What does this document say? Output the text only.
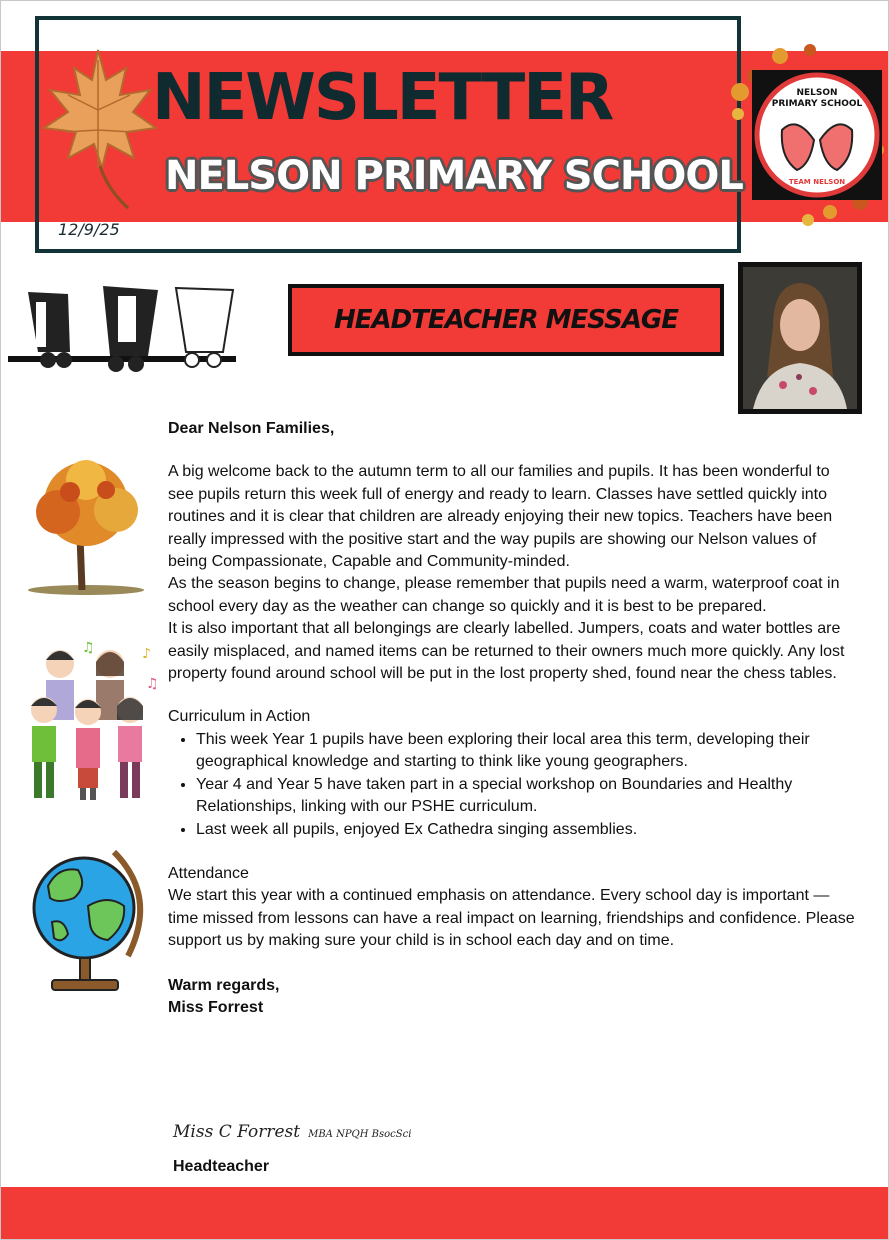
NEWSLETTER
NELSON PRIMARY SCHOOL
12/9/25
NELSON
PRIMARY SCHOOL
TEAM NELSON
HEADTEACHER MESSAGE
♫	♪
♫

Dear Nelson Families,

A big welcome back to the autumn term to all our families and pupils. It has been wonderful to see pupils return this week full of energy and ready to learn. Classes have settled quickly into routines and it is clear that children are already enjoying their new topics. Teachers have been really impressed with the positive start and the way pupils are showing our Nelson values of being Compassionate, Capable and Community-minded.

As the season begins to change, please remember that pupils need a warm, waterproof coat in school every day as the weather can change so quickly and it is best to be prepared.

It is also important that all belongings are clearly labelled. Jumpers, coats and water bottles are easily misplaced, and named items can be returned to their owners much more quickly. Any lost property found around school will be put in the lost property shed, found near the chess tables.

Curriculum in Action

• This week Year 1 pupils have been exploring their local area this term, developing their geographical knowledge and starting to think like young geographers.
• Year 4 and Year 5 have taken part in a special workshop on Boundaries and Healthy Relationships, linking with our PSHE curriculum.
• Last week all pupils, enjoyed Ex Cathedra singing assemblies.

Attendance

We start this year with a continued emphasis on attendance. Every school day is important — time missed from lessons can have a real impact on learning, friendships and confidence. Please support us by making sure your child is in school each day and on time.

Warm regards,

Miss Forrest

Miss C Forrest MBA NPQH BsocSci
Headteacher
